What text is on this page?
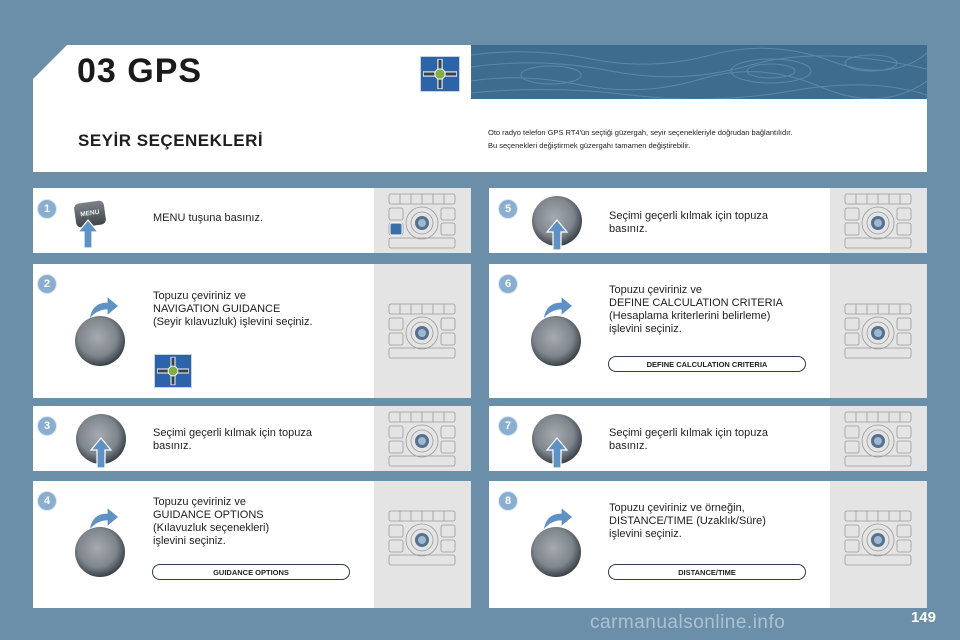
03 GPS
SEYİR SEÇENEKLERİ	Oto radyo telefon GPS RT4'ün seçtiği güzergah, seyir seçenekleriyle doğrudan bağlantılıdır.
Bu seçenekleri değiştirmek güzergahı tamamen değiştirebilir.
1	MENU	MENU tuşuna basınız.
2
Topuzu çeviriniz ve
NAVIGATION GUIDANCE
(Seyir kılavuzluk) işlevini seçiniz.
3
Seçimi geçerli kılmak için topuza
basınız.
4	Topuzu çeviriniz ve
GUIDANCE OPTIONS
(Kılavuzluk seçenekleri)
işlevini seçiniz.
GUIDANCE OPTIONS
5
Seçimi geçerli kılmak için topuza
basınız.
6	Topuzu çeviriniz ve
DEFINE CALCULATION CRITERIA
(Hesaplama kriterlerini belirleme)
işlevini seçiniz.
DEFINE CALCULATION CRITERIA
7
Seçimi geçerli kılmak için topuza
basınız.
8
Topuzu çeviriniz ve örneğin,
DISTANCE/TIME (Uzaklık/Süre)
işlevini seçiniz.
DISTANCE/TIME
carmanualsonline.info	149
